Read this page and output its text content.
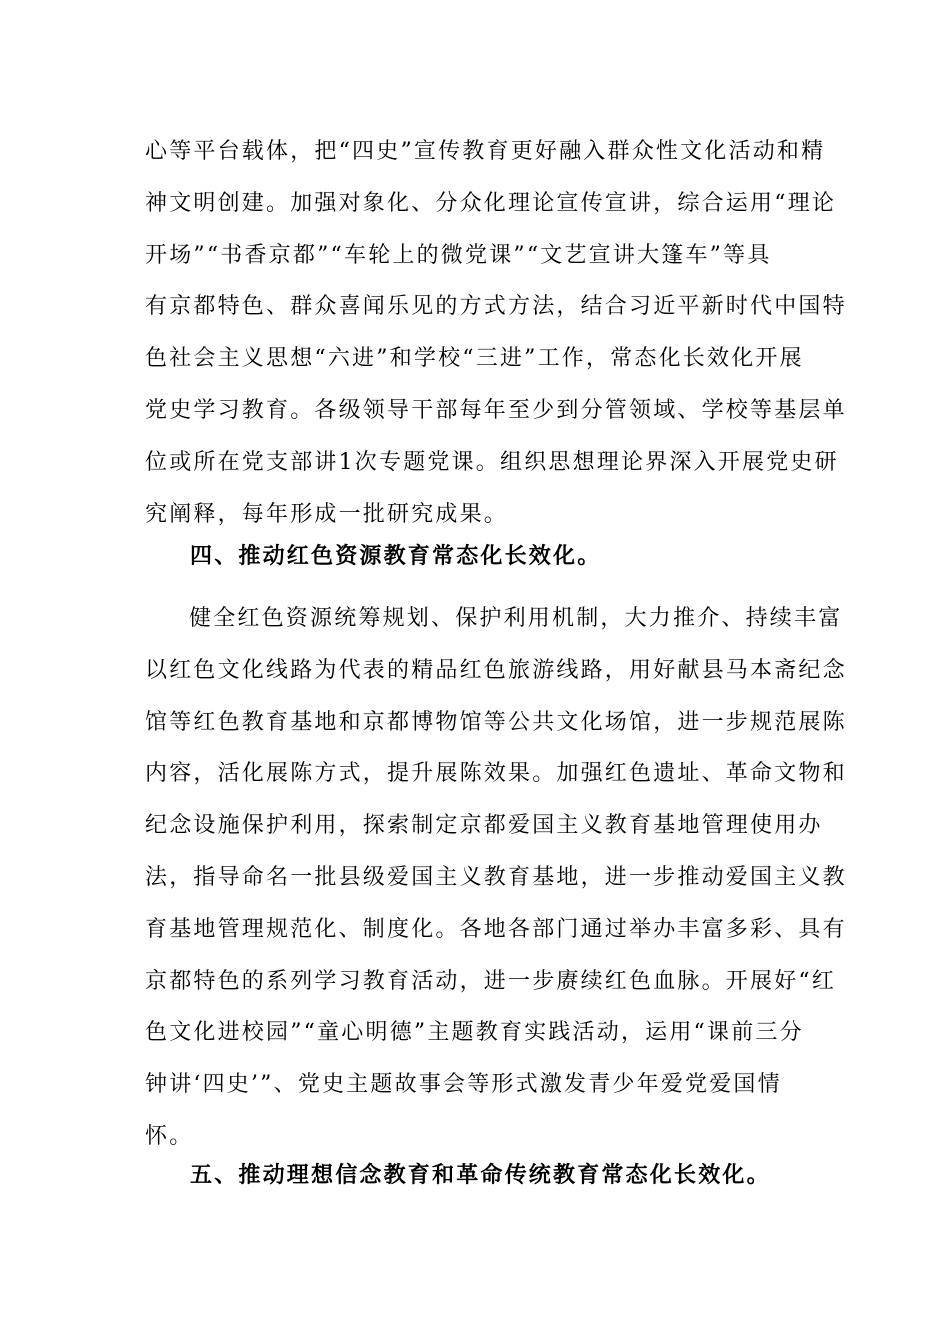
心等平台载体，把“四史”宣传教育更好融入群众性文化活动和精
神文明创建。加强对象化、分众化理论宣传宣讲，综合运用“理论
开场”“书香京都”“车轮上的微党课”“文艺宣讲大篷车”等具
有京都特色、群众喜闻乐见的方式方法，结合习近平新时代中国特
色社会主义思想“六进”和学校“三进”工作，常态化长效化开展
党史学习教育。各级领导干部每年至少到分管领域、学校等基层单
位或所在党支部讲1次专题党课。组织思想理论界深入开展党史研
究阐释，每年形成一批研究成果。
四、推动红色资源教育常态化长效化。
健全红色资源统筹规划、保护利用机制，大力推介、持续丰富
以红色文化线路为代表的精品红色旅游线路，用好献县马本斋纪念
馆等红色教育基地和京都博物馆等公共文化场馆，进一步规范展陈
内容，活化展陈方式，提升展陈效果。加强红色遗址、革命文物和
纪念设施保护利用，探索制定京都爱国主义教育基地管理使用办
法，指导命名一批县级爱国主义教育基地，进一步推动爱国主义教
育基地管理规范化、制度化。各地各部门通过举办丰富多彩、具有
京都特色的系列学习教育活动，进一步赓续红色血脉。开展好“红
色文化进校园”“童心明德”主题教育实践活动，运用“课前三分
钟讲‘四史’”、党史主题故事会等形式激发青少年爱党爱国情
怀。
五、推动理想信念教育和革命传统教育常态化长效化。
